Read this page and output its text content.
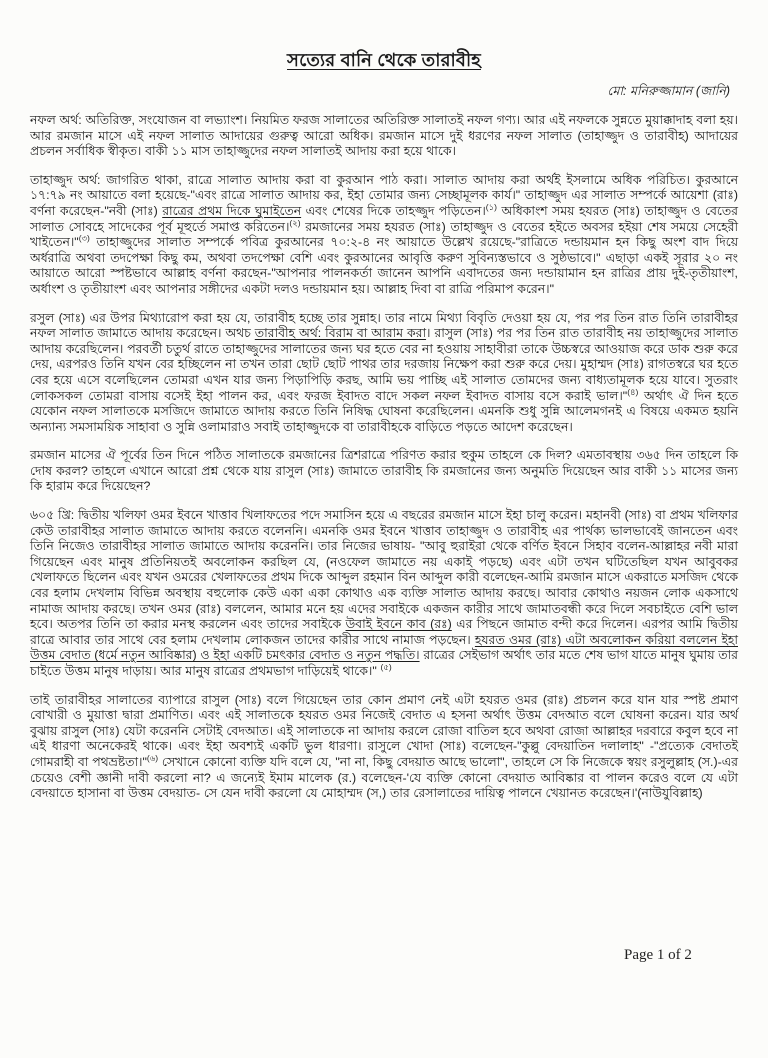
সত্যের বানি থেকে তারাবীহ
মো: মনিরুজ্জামান (জানি)

নফল অর্থ: অতিরিক্ত, সংযোজন বা লভ্যাংশ। নিয়মিত ফরজ সালাতের অতিরিক্ত সালাতই নফল গণ্য। আর এই নফলকে সুন্নতে মুয়াক্কাদাহ বলা হয়। আর রমজান মাসে এই নফল সালাত আদায়ের গুরুত্ব আরো অধিক। রমজান মাসে দুই ধরণের নফল সালাত (তাহাজ্জুদ ও তারাবীহ) আদায়ের প্রচলন সর্বাধিক স্বীকৃত। বাকী ১১ মাস তাহাজ্জুদের নফল সালাতই আদায় করা হয়ে থাকে।

তাহাজ্জুদ অর্থ: জাগরিত থাকা, রাত্রে সালাত আদায় করা বা কুরআন পাঠ করা। সালাত আদায় করা অর্থই ইসলামে অধিক পরিচিত। কুরআনে ১৭:৭৯ নং আয়াতে বলা হয়েছে-"এবং রাত্রে সালাত আদায় কর, ইহা তোমার জন্য সেচ্ছামূলক কার্য।" তাহাজ্জুদ এর সালাত সম্পর্কে আয়েশা (রাঃ) বর্ণনা করেছেন-"নবী (সাঃ) রাত্রের প্রথম দিকে ঘুমাইতেন এবং শেষের দিকে তাহজ্জুদ পড়িতেন।$^{(১)}$ অধিকাংশ সময় হযরত (সাঃ) তাহাজ্জুদ ও বেতের সালাত সোবহে সাদেকের পূর্ব মূহুর্তে সমাপ্ত করিতেন।$^{(২)}$ রমজানের সময় হযরত (সাঃ) তাহাজ্জুদ ও বেতের হইতে অবসর হইয়া শেষ সময়ে সেহেরী খাইতেন।"$^{(৩)}$ তাহাজ্জুদের সালাত সম্পর্কে পবিত্র কুরআনের ৭০:২-৪ নং আয়াতে উল্লেখ রয়েছে-"রাত্রিতে দন্ডায়মান হন কিছু অংশ বাদ দিয়ে অর্ধরাত্রি অথবা তদপেক্ষা কিছু কম, অথবা তদপেক্ষা বেশি এবং কুরআনের আবৃত্তি করুণ সুবিন্যস্তভাবে ও সুষ্ঠভাবে।" এছাড়া একই সূরার ২০ নং আয়াতে আরো স্পষ্টভাবে আল্লাহ বর্ণনা করছেন-"আপনার পালনকর্তা জানেন আপনি এবাদতের জন্য দন্ডায়ামান হন রাত্রির প্রায় দুই-তৃতীয়াংশ, অর্ধাংশ ও তৃতীয়াংশ এবং আপনার সঙ্গীদের একটা দলও দন্ডায়মান হয়। আল্লাহ দিবা বা রাত্রি পরিমাপ করেন।"

রসুল (সাঃ) এর উপর মিথ্যারোপ করা হয় যে, তারাবীহ হচ্ছে তার সুন্নাহ। তার নামে মিথ্যা বিবৃতি দেওয়া হয় যে, পর পর তিন রাত তিনি তারাবীহর নফল সালাত জামাতে আদায় করেছেন। অথচ তারাবীহ অর্থ: বিরাম বা আরাম করা। রাসুল (সাঃ) পর পর তিন রাত তারাবীহ নয় তাহাজ্জুদের সালাত আদায় করেছিলেন। পরবর্তী চতুর্থ রাতে তাহাজ্জুদের সালাতের জন্য ঘর হতে বের না হওয়ায় সাহাবীরা তাকে উচ্চস্বরে আওয়াজ করে ডাক শুরু করে দেয়, এরপরও তিনি যখন বের হচ্ছিলেন না তখন তারা ছোট ছোট পাথর তার দরজায় নিক্ষেপ করা শুরু করে দেয়। মুহাম্মদ (সাঃ) রাগতস্বরে ঘর হতে বের হয়ে এসে বলেছিলেন তোমরা এখন যার জন্য পিড়াপিড়ি করছ, আমি ভয় পাচ্ছি এই সালাত তোমদের জন্য বাধ্যতামূলক হয়ে যাবে। সুতরাং লোকসকল তোমরা বাসায় বসেই ইহা পালন কর, এবং ফরজ ইবাদত বাদে সকল নফল ইবাদত বাসায় বসে করাই ভাল।"$^{(৪)}$ অর্থাৎ ঐ দিন হতে যেকোন নফল সালাতকে মসজিদে জামাতে আদায় করতে তিনি নিষিদ্ধ ঘোষনা করেছিলেন। এমনকি শুধু সুন্নি আলেমগনই এ বিষয়ে একমত হয়নি অন্যান্য সমসাময়িক সাহাবা ও সুন্নি ওলামারাও সবাই তাহাজ্জুদকে বা তারাবীহকে বাড়িতে পড়তে আদেশ করেছেন।

রমজান মাসের ঐ পূর্বের তিন দিনে পঠিত সালাতকে রমজানের ত্রিশরাত্রে পরিণত করার হুকুম তাহলে কে দিল? এমতাবস্থায় ৩৬৫ দিন তাহলে কি দোষ করল? তাহলে এখানে আরো প্রশ্ন থেকে যায় রাসুল (সাঃ) জামাতে তারাবীহ কি রমজানের জন্য অনুমতি দিয়েছেন আর বাকী ১১ মাসের জন্য কি হারাম করে দিয়েছেন?

৬০৫ খ্রি: দ্বিতীয় খলিফা ওমর ইবনে খাত্তাব খিলাফতের পদে সমাসিন হয়ে এ বছরের রমজান মাসে ইহা চালু করেন। মহানবী (সাঃ) বা প্রথম খলিফার কেউ তারাবীহর সালাত জামাতে আদায় করতে বলেননি। এমনকি ওমর ইবনে খাত্তাব তাহাজ্জুদ ও তারাবীহ এর পার্থক্য ভালভাবেই জানতেন এবং তিনি নিজেও তারাবীহর সালাত জামাতে আদায় করেননি। তার নিজের ভাষায়- "আবু হুরাইরা থেকে বর্ণিত ইবনে সিহাব বলেন-আল্লাহর নবী মারা গিয়েছেন এবং মানুষ প্রতিনিয়তই অবলোকন করছিল যে, (নওফেল জামাতে নয় একাই পড়ছে) এবং এটা তখন ঘটিতেছিল যখন আবুবকর খেলাফতে ছিলেন এবং যখন ওমরের খেলাফতের প্রথম দিকে আব্দুল রহমান বিন আব্দুল কারী বলেছেন-আমি রমজান মাসে একরাতে মসজিদ থেকে বের হলাম দেখলাম বিভিন্ন অবস্থায় বহুলোক কেউ একা একা কোথাও এক ব্যক্তি সালাত আদায় করছে। আবার কোথাও নয়জন লোক একসাথে নামাজ আদায় করছে। তখন ওমর (রাঃ) বললেন, আমার মনে হয় এদের সবাইকে একজন কারীর সাথে জামাতবন্ধী করে দিলে সবচাইতে বেশি ভাল হবে। অতপর তিনি তা করার মনস্থ করলেন এবং তাদের সবাইকে উবাই ইবনে কাব (রঃ) এর পিছনে জামাত বন্দী করে দিলেন। এরপর আমি দ্বিতীয় রাত্রে আবার তার সাথে বের হলাম দেখলাম লোকজন তাদের কারীর সাথে নামাজ পড়ছেন। হযরত ওমর (রাঃ) এটা অবলোকন করিয়া বললেন ইহা উত্তম বেদাত (ধর্মে নতুন আবিষ্কার) ও ইহা একটি চমৎকার বেদাত ও নতুন পদ্ধতি। রাত্রের সেইভাগ অর্থাৎ তার মতে শেষ ভাগ যাতে মানুষ ঘুমায় তার চাইতে উত্তম মানুষ দাড়ায়। আর মানুষ রাত্রের প্রথমভাগ দাড়িয়েই থাকে।" $^{(৫)}$

তাই তারাবীহর সালাতের ব্যাপারে রাসুল (সাঃ) বলে গিয়েছেন তার কোন প্রমাণ নেই এটা হযরত ওমর (রাঃ) প্রচলন করে যান যার স্পষ্ট প্রমাণ বোখারী ও মুয়াত্তা দ্বারা প্রমাণিত। এবং এই সালাতকে হযরত ওমর নিজেই বেদাত এ হসনা অর্থাৎ উত্তম বেদআত বলে ঘোষনা করেন। যার অর্থ বুঝায় রাসুল (সাঃ) যেটা করেননি সেটাই বেদআত। এই সালাতকে না আদায় করলে রোজা বাতিল হবে অথবা রোজা আল্লাহর দরবারে কবুল হবে না এই ধারণা অনেকেরই থাকে। এবং ইহা অবশ্যই একটি ভুল ধারণা। রাসুলে খোদা (সাঃ) বলেছেন-"কুল্লু বেদয়াতিন দলালাহ" -"প্রত্যেক বেদাতই গোমরাহী বা পথভ্রষ্টতা।"$^{(৬)}$ সেখানে কোনো ব্যক্তি যদি বলে যে, "না না, কিছু বেদয়াত আছে ভালো", তাহলে সে কি নিজেকে স্বয়ং রসুলুল্লাহ (স.)-এর চেয়েও বেশী জ্ঞানী দাবী করলো না? এ জন্যেই ইমাম মালেক (র.) বলেছেন-'যে ব্যক্তি কোনো বেদয়াত আবিষ্কার বা পালন করেও বলে যে এটা বেদয়াতে হাসানা বা উত্তম বেদয়াত- সে যেন দাবী করলো যে মোহাম্মদ (স,) তার রেসালাতের দায়িত্ব পালনে খেয়ানত করেছেন।'(নাউযুবিল্লাহ)

Page 1 of 2
